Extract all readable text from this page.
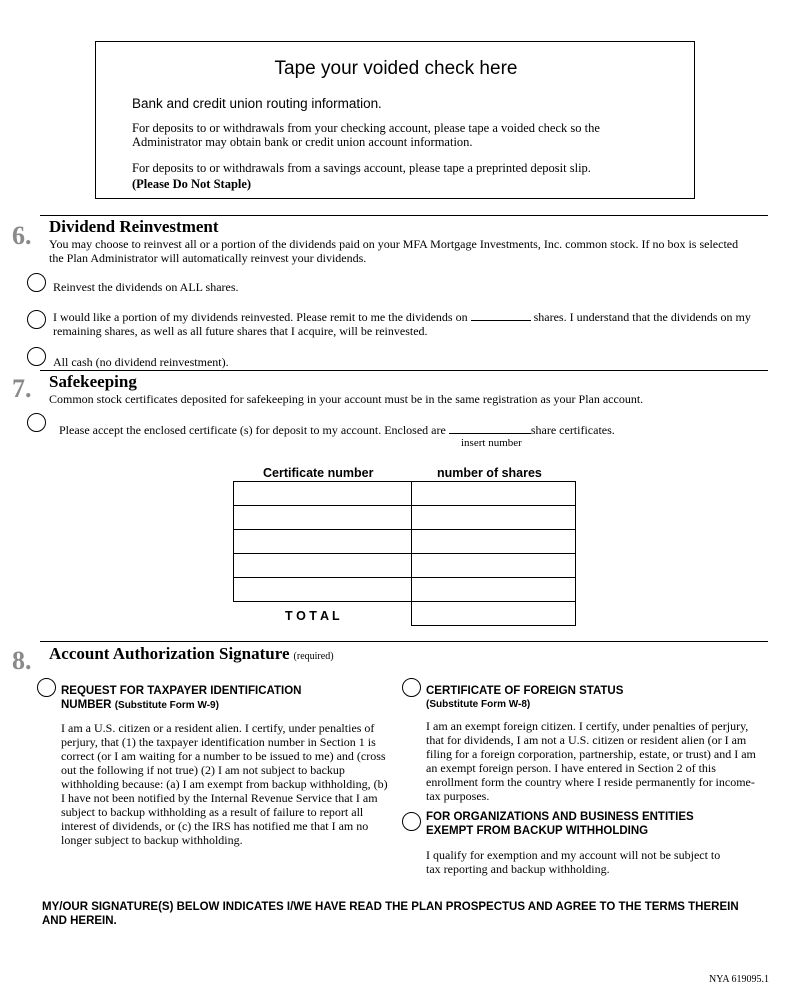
Tape your voided check here
Bank and credit union routing information.
For deposits to or withdrawals from your checking account, please tape a voided check so the Administrator may obtain bank or credit union account information.
For deposits to or withdrawals from a savings account, please tape a preprinted deposit slip.
(Please Do Not Staple)
6. Dividend Reinvestment
You may choose to reinvest all or a portion of the dividends paid on your MFA Mortgage Investments, Inc. common stock. If no box is selected the Plan Administrator will automatically reinvest your dividends.
Reinvest the dividends on ALL shares.
I would like a portion of my dividends reinvested. Please remit to me the dividends on	shares. I understand that the dividends on my remaining shares, as well as all future shares that I acquire, will be reinvested.
All cash (no dividend reinvestment).
7. Safekeeping
Common stock certificates deposited for safekeeping in your account must be in the same registration as your Plan account.
Please accept the enclosed certificate (s) for deposit to my account. Enclosed are	share certificates.
insert number
Certificate number	number of shares
T O T A L
8. Account Authorization Signature (required)
REQUEST FOR TAXPAYER IDENTIFICATION
NUMBER (Substitute Form W-9)
I am a U.S. citizen or a resident alien. I certify, under penalties of perjury, that (1) the taxpayer identification number in Section 1 is correct (or I am waiting for a number to be issued to me) and (cross out the following if not true) (2) I am not subject to backup withholding because: (a) I am exempt from backup withholding, (b) I have not been notified by the Internal Revenue Service that I am subject to backup withholding as a result of failure to report all interest of dividends, or (c) the IRS has notified me that I am no longer subject to backup withholding.
CERTIFICATE OF FOREIGN STATUS
(Substitute Form W-8)
I am an exempt foreign citizen. I certify, under penalties of perjury, that for dividends, I am not a U.S. citizen or resident alien (or I am filing for a foreign corporation, partnership, estate, or trust) and I am an exempt foreign person. I have entered in Section 2 of this enrollment form the country where I reside permanently for income-tax purposes.
FOR ORGANIZATIONS AND BUSINESS ENTITIES EXEMPT FROM BACKUP WITHHOLDING
I qualify for exemption and my account will not be subject to tax reporting and backup withholding.
MY/OUR SIGNATURE(S) BELOW INDICATES I/WE HAVE READ THE PLAN PROSPECTUS AND AGREE TO THE TERMS THEREIN AND HEREIN.
NYA 619095.1
